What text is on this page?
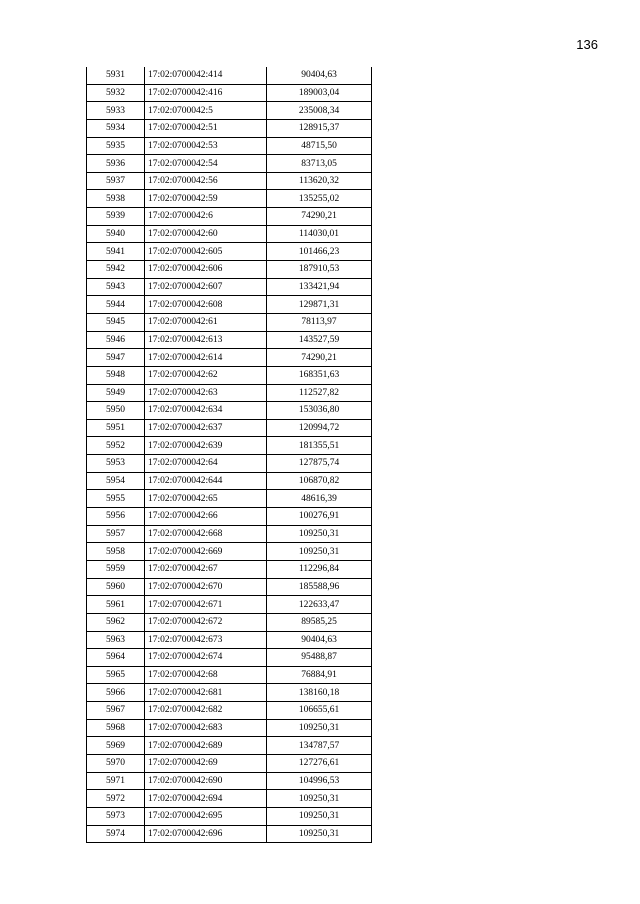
136
5931	17:02:0700042:414	90404,63
5932	17:02:0700042:416	189003,04
5933	17:02:0700042:5	235008,34
5934	17:02:0700042:51	128915,37
5935	17:02:0700042:53	48715,50
5936	17:02:0700042:54	83713,05
5937	17:02:0700042:56	113620,32
5938	17:02:0700042:59	135255,02
5939	17:02:0700042:6	74290,21
5940	17:02:0700042:60	114030,01
5941	17:02:0700042:605	101466,23
5942	17:02:0700042:606	187910,53
5943	17:02:0700042:607	133421,94
5944	17:02:0700042:608	129871,31
5945	17:02:0700042:61	78113,97
5946	17:02:0700042:613	143527,59
5947	17:02:0700042:614	74290,21
5948	17:02:0700042:62	168351,63
5949	17:02:0700042:63	112527,82
5950	17:02:0700042:634	153036,80
5951	17:02:0700042:637	120994,72
5952	17:02:0700042:639	181355,51
5953	17:02:0700042:64	127875,74
5954	17:02:0700042:644	106870,82
5955	17:02:0700042:65	48616,39
5956	17:02:0700042:66	100276,91
5957	17:02:0700042:668	109250,31
5958	17:02:0700042:669	109250,31
5959	17:02:0700042:67	112296,84
5960	17:02:0700042:670	185588,96
5961	17:02:0700042:671	122633,47
5962	17:02:0700042:672	89585,25
5963	17:02:0700042:673	90404,63
5964	17:02:0700042:674	95488,87
5965	17:02:0700042:68	76884,91
5966	17:02:0700042:681	138160,18
5967	17:02:0700042:682	106655,61
5968	17:02:0700042:683	109250,31
5969	17:02:0700042:689	134787,57
5970	17:02:0700042:69	127276,61
5971	17:02:0700042:690	104996,53
5972	17:02:0700042:694	109250,31
5973	17:02:0700042:695	109250,31
5974	17:02:0700042:696	109250,31
